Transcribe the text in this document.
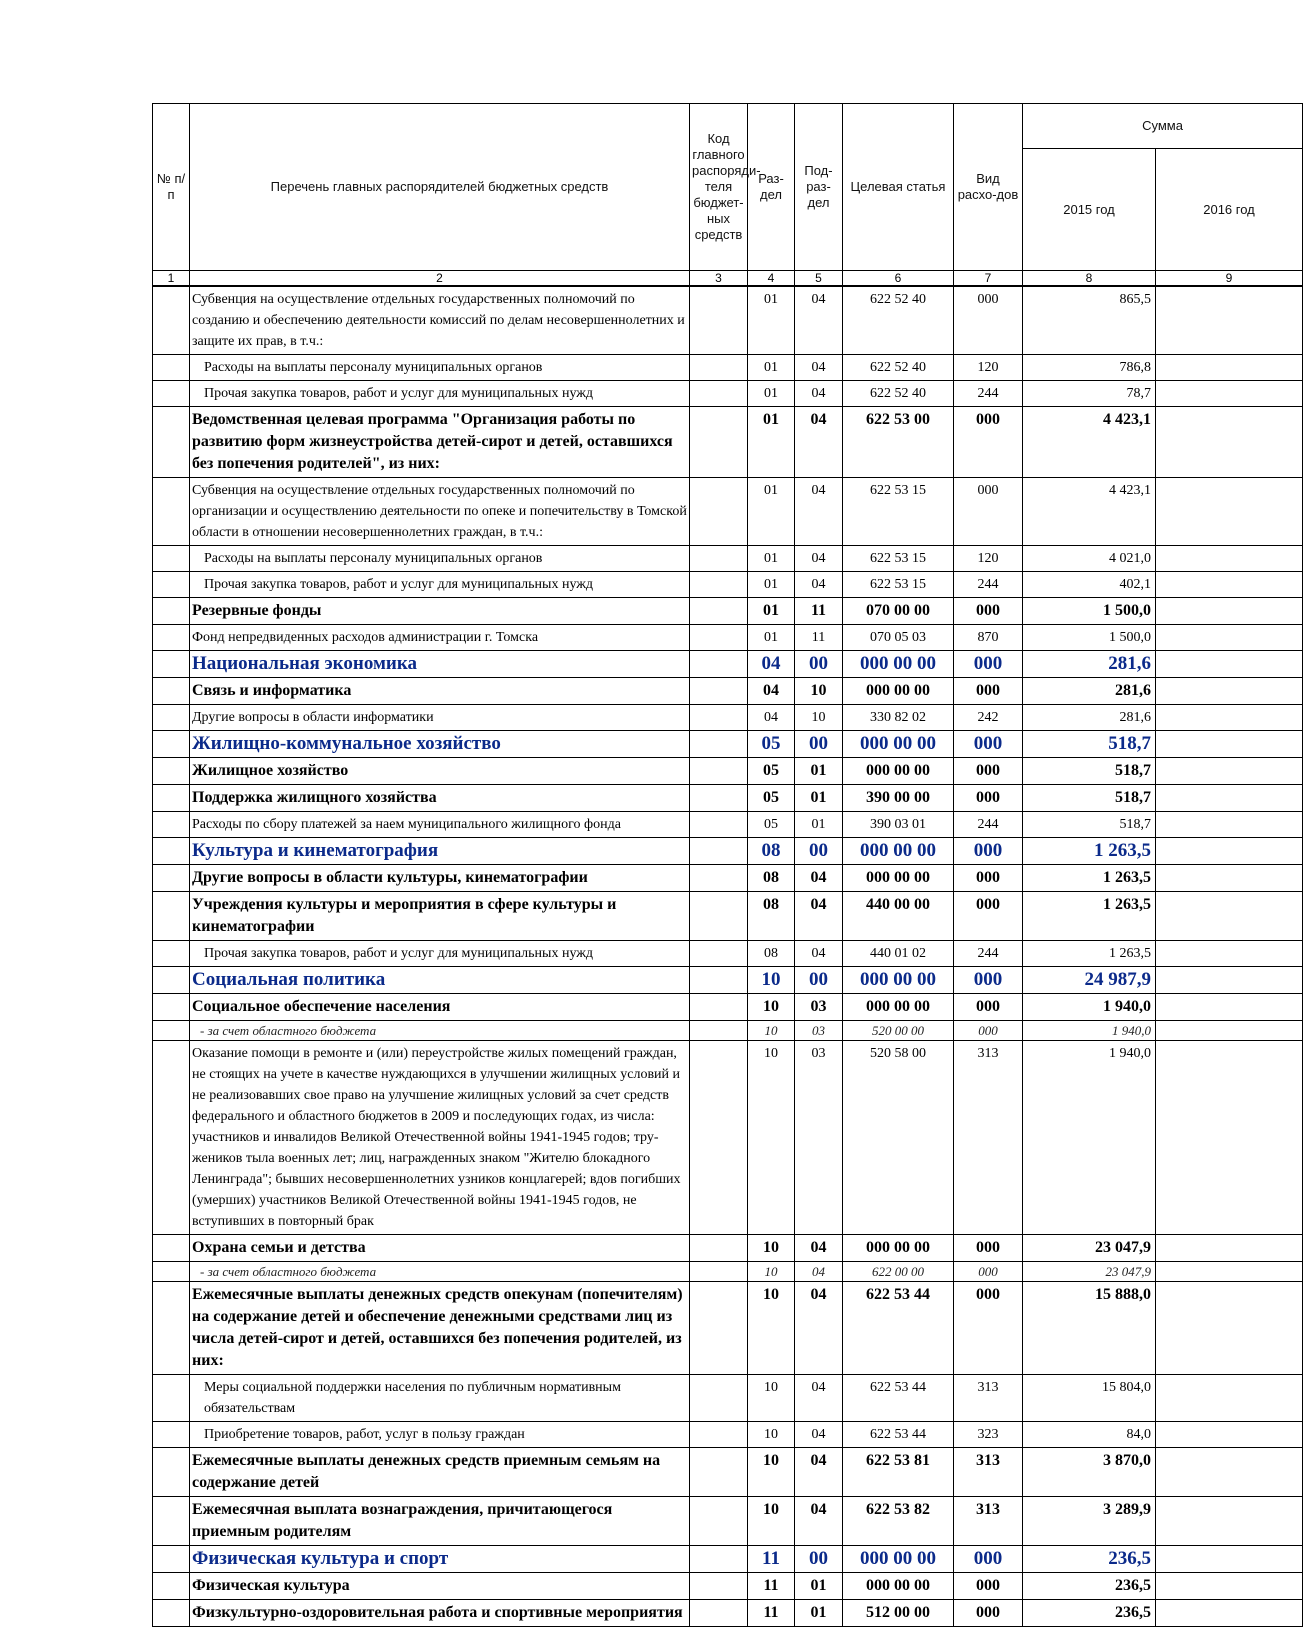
№ п/п	Перечень главных распорядителей бюджетных средств	Код главного распоряди-теля бюджет-ных средств	Раз-дел	Под-раз-дел	Целевая статья	Вид расхо-дов	Сумма	
							2015 год	2016 год
1	2	3	4	5	6	7	8	9
	Субвенция на осуществление отдельных государственных полномочий по созданию и обеспечению деятельности комиссий по делам несовершеннолетних и защите их прав, в т.ч.:		01	04	622 52 40	000	865,5	
	Расходы на выплаты персоналу муниципальных органов		01	04	622 52 40	120	786,8	
	Прочая закупка товаров, работ и услуг для муниципальных нужд		01	04	622 52 40	244	78,7	
	Ведомственная целевая программа "Организация работы по развитию форм жизнеустройства детей-сирот и детей, оставшихся без попечения родителей", из них:		01	04	622 53 00	000	4 423,1	
	Субвенция на осуществление отдельных государственных полномочий по организации и осуществлению деятельности по опеке и попечительству в Томской области в отношении несовершеннолетних граждан, в т.ч.:		01	04	622 53 15	000	4 423,1	
	Расходы на выплаты персоналу муниципальных органов		01	04	622 53 15	120	4 021,0	
	Прочая закупка товаров, работ и услуг для муниципальных нужд		01	04	622 53 15	244	402,1	
	Резервные фонды		01	11	070 00 00	000	1 500,0	
	Фонд непредвиденных расходов администрации г. Томска		01	11	070 05 03	870	1 500,0	
	Национальная экономика		04	00	000 00 00	000	281,6	
	Связь и информатика		04	10	000 00 00	000	281,6	
	Другие вопросы в области информатики		04	10	330 82 02	242	281,6	
	Жилищно-коммунальное хозяйство		05	00	000 00 00	000	518,7	
	Жилищное хозяйство		05	01	000 00 00	000	518,7	
	Поддержка жилищного хозяйства		05	01	390 00 00	000	518,7	
	Расходы по сбору платежей за наем муниципального жилищного фонда		05	01	390 03 01	244	518,7	
	Культура и кинематография		08	00	000 00 00	000	1 263,5	
	Другие вопросы в области культуры, кинематографии		08	04	000 00 00	000	1 263,5	
	Учреждения культуры и мероприятия в сфере культуры и кинематографии		08	04	440 00 00	000	1 263,5	
	Прочая закупка товаров, работ и услуг для муниципальных нужд		08	04	440 01 02	244	1 263,5	
	Социальная политика		10	00	000 00 00	000	24 987,9	
	Социальное обеспечение населения		10	03	000 00 00	000	1 940,0	
	- за счет областного бюджета		10	03	520 00 00	000	1 940,0	
	Оказание помощи в ремонте и (или) переустройстве жилых помещений граждан, не стоящих на учете в качестве нуждающихся в улучшении жилищных условий и не реализовавших свое право на улучшение жилищных условий за счет средств федерального и областного бюджетов в 2009 и последующих годах, из числа: участников и инвалидов Великой Отечественной войны 1941-1945 годов; тру-жеников тыла военных лет; лиц, награжденных знаком "Жителю блокадного Ленинграда"; бывших несовершеннолетних узников концлагерей; вдов погибших (умерших) участников Великой Отечественной войны 1941-1945 годов, не вступивших в повторный брак		10	03	520 58 00	313	1 940,0	
	Охрана семьи и детства		10	04	000 00 00	000	23 047,9	
	- за счет областного бюджета		10	04	622 00 00	000	23 047,9	
	Ежемесячные выплаты денежных средств опекунам (попечителям) на содержание детей и обеспечение денежными средствами лиц из числа детей-сирот и детей, оставшихся без попечения родителей, из них:		10	04	622 53 44	000	15 888,0	
	Меры социальной поддержки населения по публичным нормативным обязательствам		10	04	622 53 44	313	15 804,0	
	Приобретение товаров, работ, услуг в пользу граждан		10	04	622 53 44	323	84,0	
	Ежемесячные выплаты денежных средств приемным семьям на содержание детей		10	04	622 53 81	313	3 870,0	
	Ежемесячная выплата вознаграждения, причитающегося приемным родителям		10	04	622 53 82	313	3 289,9	
	Физическая культура и спорт		11	00	000 00 00	000	236,5	
	Физическая культура		11	01	000 00 00	000	236,5	
	Физкультурно-оздоровительная работа и спортивные мероприятия		11	01	512 00 00	000	236,5	
